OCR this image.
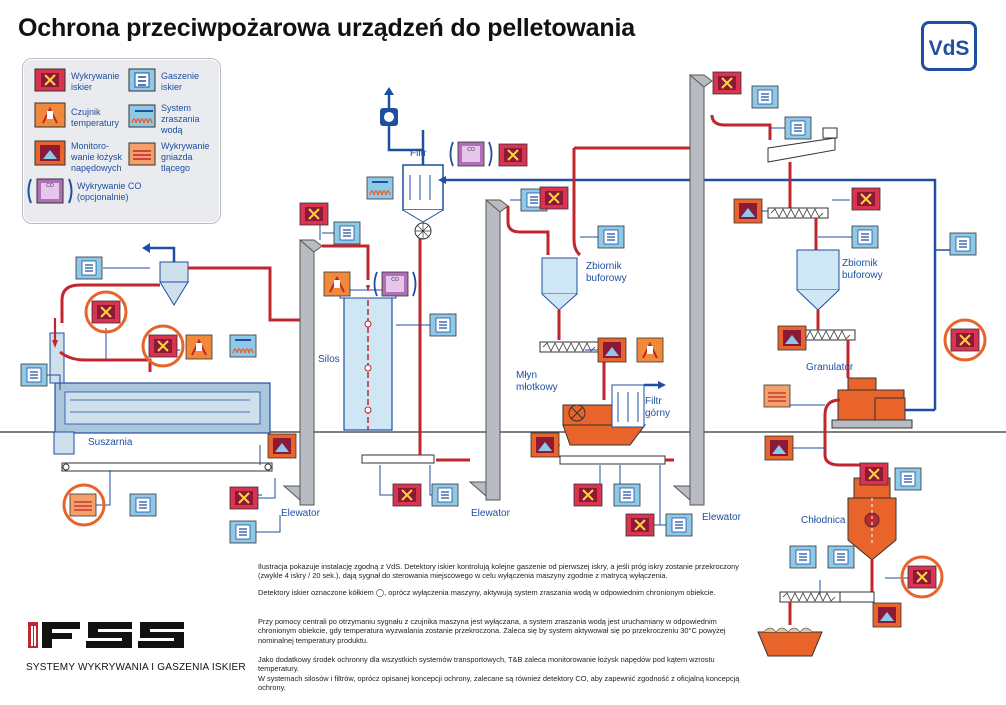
Ochrona przeciwpożarowa urządzeń do pelletowania
VdS
CO
Wykrywanie
iskier
Gaszenie
iskier
Czujnik
temperatury
System
zraszania
wodą
Monitoro-
wanie łożysk
napędowych
Wykrywanie
gniazda
tlącego
Wykrywanie CO
(opcjonalnie)
CO
Suszarnia
Silos
Filtr
Elewator	Elewator	Elewator
Zbiornik
buforowy
Zbiornik
buforowy
Młyn
młotkowy
Filtr
górny
Granulator
Chłodnica
Ilustracja pokazuje instalację zgodną z VdS. Detektory iskier kontrolują kolejne gaszenie od pierwszej iskry, a jeśli próg iskry zostanie przekroczony (zwykle 4 iskry / 20 sek.), dają sygnał do sterowania miejscowego w celu wyłączenia maszyny zgodnie z matrycą wyłączenia.
Detektory iskier oznaczone kółkiem ◯, oprócz wyłączenia maszyny, aktywują system zraszania wodą w odpowiednim chronionym obiekcie.
Przy pomocy centrali po otrzymaniu sygnału z czujnika maszyna jest wyłączana, a system zraszania wodą jest uruchamiany w odpowiednim chronionym obiekcie, gdy temperatura wyzwalania zostanie przekroczona. Zaleca się by system aktywował się po przekroczeniu 30°C powyżej nominalnej temperatury produktu.
Jako dodatkowy środek ochronny dla wszystkich systemów transportowych, T&B zaleca monitorowanie łożysk napędów pod kątem wzrostu temperatury.
W systemach silosów i filtrów, oprócz opisanej koncepcji ochrony, zalecane są również detektory CO, aby zapewnić zgodność z oficjalną koncepcją ochrony.
SYSTEMY WYKRYWANIA I GASZENIA ISKIER
